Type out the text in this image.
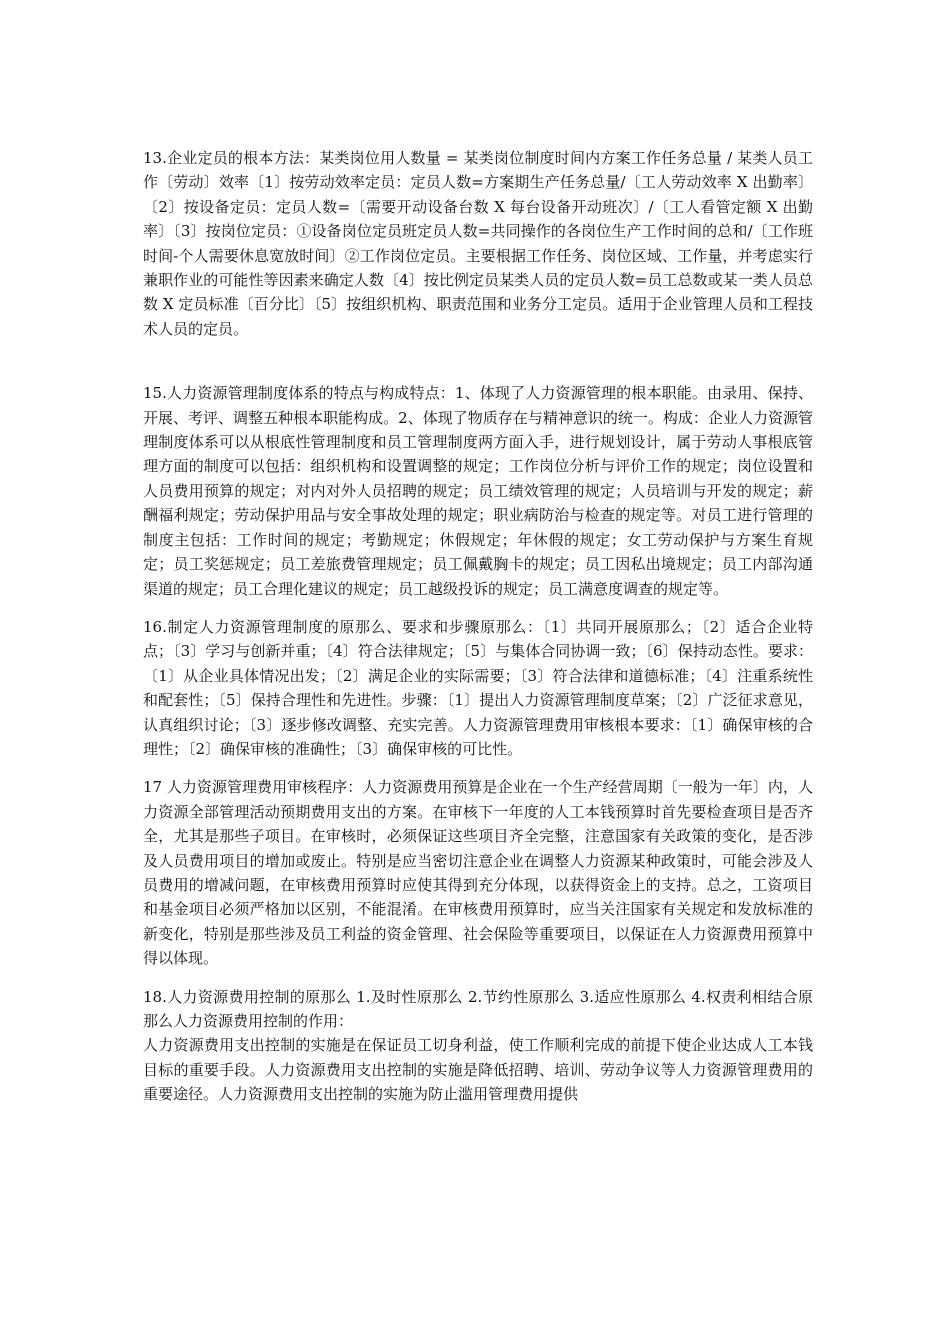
13.企业定员的根本方法：某类岗位用人数量 = 某类岗位制度时间内方案工作任务总量 / 某类人员工作〔劳动〕效率〔1〕按劳动效率定员：定员人数=方案期生产任务总量/〔工人劳动效率 X 出勤率〕〔2〕按设备定员：定员人数=〔需要开动设备台数 X 每台设备开动班次〕/〔工人看管定额 X 出勤率〕〔3〕按岗位定员：①设备岗位定员班定员人数=共同操作的各岗位生产工作时间的总和/〔工作班时间-个人需要休息宽放时间〕②工作岗位定员。主要根据工作任务、岗位区域、工作量，并考虑实行兼职作业的可能性等因素来确定人数〔4〕按比例定员某类人员的定员人数=员工总数或某一类人员总数 X 定员标准〔百分比〕〔5〕按组织机构、职责范围和业务分工定员。适用于企业管理人员和工程技术人员的定员。

15.人力资源管理制度体系的特点与构成特点：1、体现了人力资源管理的根本职能。由录用、保持、开展、考评、调整五种根本职能构成。2、体现了物质存在与精神意识的统一。构成：企业人力资源管理制度体系可以从根底性管理制度和员工管理制度两方面入手，进行规划设计，属于劳动人事根底管理方面的制度可以包括：组织机构和设置调整的规定；工作岗位分析与评价工作的规定；岗位设置和人员费用预算的规定；对内对外人员招聘的规定；员工绩效管理的规定；人员培训与开发的规定；薪酬福利规定；劳动保护用品与安全事故处理的规定；职业病防治与检查的规定等。对员工进行管理的制度主包括：工作时间的规定；考勤规定；休假规定；年休假的规定；女工劳动保护与方案生育规定；员工奖惩规定；员工差旅费管理规定；员工佩戴胸卡的规定；员工因私出境规定；员工内部沟通渠道的规定；员工合理化建议的规定；员工越级投诉的规定；员工满意度调查的规定等。

16.制定人力资源管理制度的原那么、要求和步骤原那么：〔1〕共同开展原那么；〔2〕适合企业特点；〔3〕学习与创新并重；〔4〕符合法律规定；〔5〕与集体合同协调一致；〔6〕保持动态性。要求：〔1〕从企业具体情况出发；〔2〕满足企业的实际需要；〔3〕符合法律和道德标准；〔4〕注重系统性和配套性；〔5〕保持合理性和先进性。步骤：〔1〕提出人力资源管理制度草案；〔2〕广泛征求意见，认真组织讨论；〔3〕逐步修改调整、充实完善。人力资源管理费用审核根本要求：〔1〕确保审核的合理性；〔2〕确保审核的准确性；〔3〕确保审核的可比性。

17 人力资源管理费用审核程序：人力资源费用预算是企业在一个生产经营周期〔一般为一年〕内，人力资源全部管理活动预期费用支出的方案。在审核下一年度的人工本钱预算时首先要检查项目是否齐全，尤其是那些子项目。在审核时，必须保证这些项目齐全完整，注意国家有关政策的变化，是否涉及人员费用项目的增加或废止。特别是应当密切注意企业在调整人力资源某种政策时，可能会涉及人员费用的增减问题，在审核费用预算时应使其得到充分体现，以获得资金上的支持。总之，工资项目和基金项目必须严格加以区别，不能混淆。在审核费用预算时，应当关注国家有关规定和发放标准的新变化，特别是那些涉及员工利益的资金管理、社会保险等重要项目，以保证在人力资源费用预算中得以体现。

18.人力资源费用控制的原那么 1.及时性原那么 2.节约性原那么 3.适应性原那么 4.权责利相结合原那么人力资源费用控制的作用：

人力资源费用支出控制的实施是在保证员工切身利益，使工作顺利完成的前提下使企业达成人工本钱目标的重要手段。人力资源费用支出控制的实施是降低招聘、培训、劳动争议等人力资源管理费用的重要途径。人力资源费用支出控制的实施为防止滥用管理费用提供
